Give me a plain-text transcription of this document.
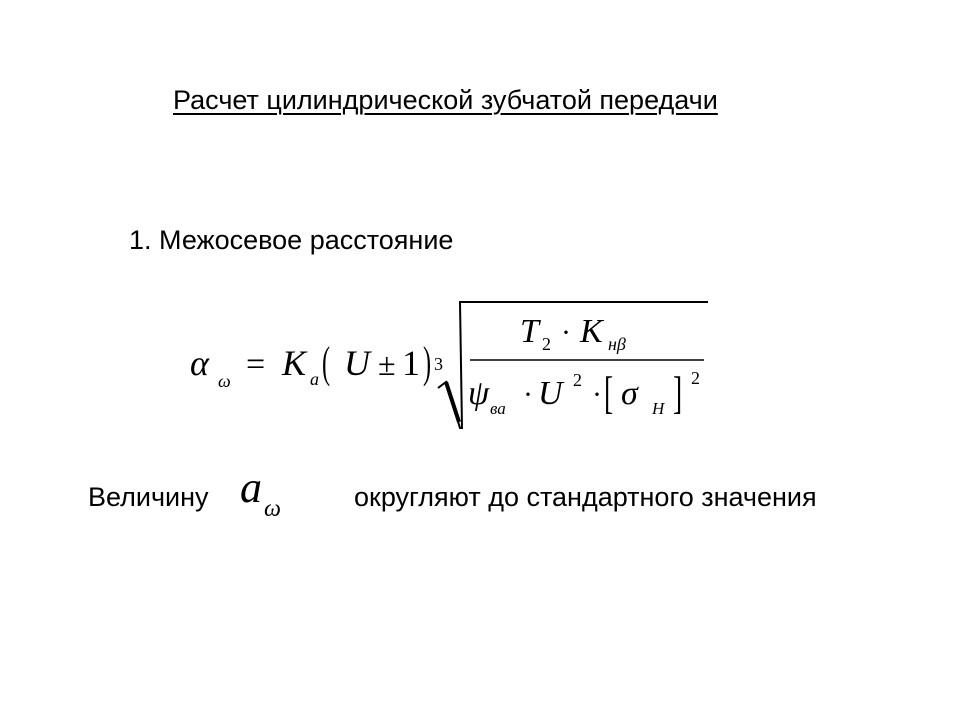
Расчет цилиндрической зубчатой передачи
1. Межосевое расстояние
α ω = K a ( U ± 1 ) 3
T 2 · K нβ
ψ ва · U 2 · [ σ H ] 2
Величину a ω	округляют до стандартного значения
